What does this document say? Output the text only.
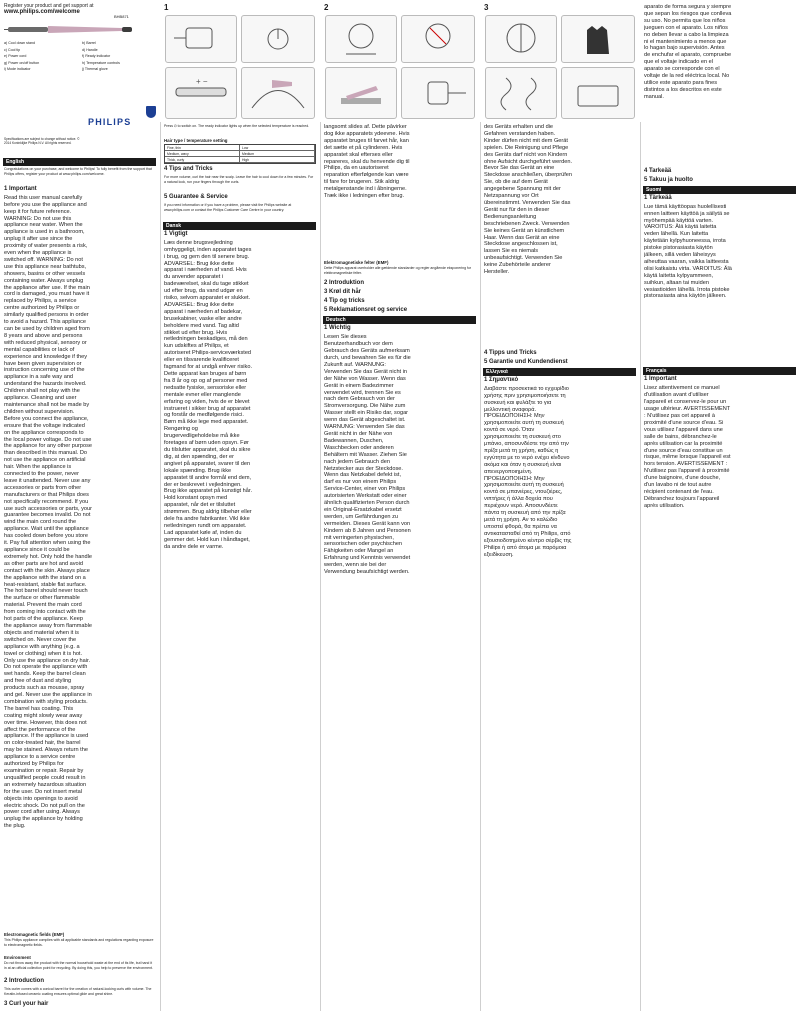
Register your product and get support at
www.philips.com/welcome
BHB871
a) Cool down stand	b) Barrel
c) Cool tip	d) Handle
e) Power cord	f) Ready indicator
g) Power on/off button	h) Temperature controls
i) Mode indicator	j) Thermal glove
PHILIPS
Specifications are subject to change without notice. © 2014 Koninklijke Philips N.V. All rights reserved.
English
Congratulations on your purchase, and welcome to Philips! To fully benefit from the support that Philips offers, register your product at www.philips.com/welcome.
1 Important
Read this user manual carefully before you use the appliance and keep it for future reference. WARNING: Do not use this appliance near water. When the appliance is used in a bathroom, unplug it after use since the proximity of water presents a risk, even when the appliance is switched off. WARNING: Do not use this appliance near bathtubs, showers, basins or other vessels containing water. Always unplug the appliance after use. If the main cord is damaged, you must have it replaced by Philips, a service centre authorized by Philips or similarly qualified persons in order to avoid a hazard. This appliance can be used by children aged from 8 years and above and persons with reduced physical, sensory or mental capabilities or lack of experience and knowledge if they have been given supervision or instruction concerning use of the appliance in a safe way and understand the hazards involved. Children shall not play with the appliance. Cleaning and user maintenance shall not be made by children without supervision. Before you connect the appliance, ensure that the voltage indicated on the appliance corresponds to the local power voltage. Do not use the appliance for any other purpose than described in this manual. Do not use the appliance on artificial hair. When the appliance is connected to the power, never leave it unattended. Never use any accessories or parts from other manufacturers or that Philips does not specifically recommend. If you use such accessories or parts, your guarantee becomes invalid. Do not wind the main cord round the appliance. Wait until the appliance has cooled down before you store it. Pay full attention when using the appliance since it could be extremely hot. Only hold the handle as other parts are hot and avoid contact with the skin. Always place the appliance with the stand on a heat-resistant, stable flat surface. The hot barrel should never touch the surface or other flammable material. Prevent the main cord from coming into contact with the hot parts of the appliance. Keep the appliance away from flammable objects and material when it is switched on. Never cover the appliance with anything (e.g. a towel or clothing) when it is hot. Only use the appliance on dry hair. Do not operate the appliance with wet hands. Keep the barrel clean and free of dust and styling products such as mousse, spray and gel. Never use the appliance in combination with styling products. The barrel has coating. This coating might slowly wear away over time. However, this does not affect the performance of the appliance. If the appliance is used on color-treated hair, the barrel may be stained. Always return the appliance to a service centre authorized by Philips for examination or repair. Repair by unqualified people could result in an extremely hazardous situation for the user. Do not insert metal objects into openings to avoid electric shock. Do not pull on the power cord after using. Always unplug the appliance by holding the plug.
Electromagnetic fields (EMF)
This Philips appliance complies with all applicable standards and regulations regarding exposure to electromagnetic fields.
Environment
Do not throw away the product with the normal household waste at the end of its life, but hand it in at an official collection point for recycling. By doing this, you help to preserve the environment.
2 Introduction
This curler comes with a conical barrel for the creation of natural-looking curls with volume. The Keratin-infused ceramic coating ensures optimal glide and great shine.
3 Curl your hair
1
+ −
Press ⏻ to switch on. The ready indicator lights up when the selected temperature is reached.
Hair type / temperature setting
Fine, thin	Low
Medium, wavy	Medium
Thick, curly	High
4 Tips and Tricks
For more volume, curl the hair near the scalp. Leave the hair to cool down for a few minutes. For a natural look, run your fingers through the curls.
5 Guarantee & Service
If you need information or if you have a problem, please visit the Philips website at www.philips.com or contact the Philips Customer Care Centre in your country.
Dansk
1 Vigtigt
Læs denne brugsvejledning omhyggeligt, inden apparatet tages i brug, og gem den til senere brug. ADVARSEL: Brug ikke dette apparat i nærheden af vand. Hvis du anvender apparatet i badeværelset, skal du tage stikket ud efter brug, da vand udgør en risiko, selvom apparatet er slukket. ADVARSEL: Brug ikke dette apparat i nærheden af badekar, brusekabiner, vaske eller andre beholdere med vand. Tag altid stikket ud efter brug. Hvis netledningen beskadiges, må den kun udskiftes af Philips, et autoriseret Philips-serviceværksted eller en tilsvarende kvalificeret fagmand for at undgå enhver risiko. Dette apparat kan bruges af børn fra 8 år og op og af personer med nedsatte fysiske, sensoriske eller mentale evner eller manglende erfaring og viden, hvis de er blevet instrueret i sikker brug af apparatet og forstår de medfølgende risici. Børn må ikke lege med apparatet. Rengøring og brugervedligeholdelse må ikke foretages af børn uden opsyn. Før du tilslutter apparatet, skal du sikre dig, at den spænding, der er angivet på apparatet, svarer til den lokale spænding. Brug ikke apparatet til andre formål end dem, der er beskrevet i vejledningen. Brug ikke apparatet på kunstigt hår. Hold konstant opsyn med apparatet, når det er tilsluttet strømmen. Brug aldrig tilbehør eller dele fra andre fabrikanter. Vikl ikke netledningen rundt om apparatet. Lad apparatet køle af, inden du gemmer det. Hold kun i håndtaget, da andre dele er varme.
2
langsomt slides af. Dette påvirker dog ikke apparatets ydeevne. Hvis apparatet bruges til farvet hår, kan det sætte et på cylinderen. Hvis apparatet skal efterses eller repareres, skal du henvende dig til Philips, da en uautoriseret reparation efterfølgende kan være til fare for brugeren. Stik aldrig metalgenstande ind i åbningerne. Træk ikke i ledningen efter brug.
Elektromagnetiske felter (EMF)
Dette Philips apparat overholder alle gældende standarder og regler angående eksponering for elektromagnetiske felter.
2 Introduktion
3 Krøl dit hår
4 Tip og tricks
5 Reklamationsret og service
Deutsch
1 Wichtig
Lesen Sie dieses Benutzerhandbuch vor dem Gebrauch des Geräts aufmerksam durch, und bewahren Sie es für die Zukunft auf. WARNUNG: Verwenden Sie das Gerät nicht in der Nähe von Wasser. Wenn das Gerät in einem Badezimmer verwendet wird, trennen Sie es nach dem Gebrauch von der Stromversorgung. Die Nähe zum Wasser stellt ein Risiko dar, sogar wenn das Gerät abgeschaltet ist. WARNUNG: Verwenden Sie das Gerät nicht in der Nähe von Badewannen, Duschen, Waschbecken oder anderen Behältern mit Wasser. Ziehen Sie nach jedem Gebrauch den Netzstecker aus der Steckdose. Wenn das Netzkabel defekt ist, darf es nur von einem Philips Service-Center, einer von Philips autorisierten Werkstatt oder einer ähnlich qualifizierten Person durch ein Original-Ersatzkabel ersetzt werden, um Gefährdungen zu vermeiden. Dieses Gerät kann von Kindern ab 8 Jahren und Personen mit verringerten physischen, sensorischen oder psychischen Fähigkeiten oder Mangel an Erfahrung und Kenntnis verwendet werden, wenn sie bei der Verwendung beaufsichtigt werden.
3
des Geräts erhalten und die Gefahren verstanden haben. Kinder dürfen nicht mit dem Gerät spielen. Die Reinigung und Pflege des Geräts darf nicht von Kindern ohne Aufsicht durchgeführt werden. Bevor Sie das Gerät an eine Steckdose anschließen, überprüfen Sie, ob die auf dem Gerät angegebene Spannung mit der Netzspannung vor Ort übereinstimmt. Verwenden Sie das Gerät nur für den in dieser Bedienungsanleitung beschriebenen Zweck. Verwenden Sie keines Gerät an künstlichem Haar. Wenn das Gerät an eine Steckdose angeschlossen ist, lassen Sie es niemals unbeaufsichtigt. Verwenden Sie keine Zubehörteile anderer Hersteller.
4 Tipps und Tricks
5 Garantie und Kundendienst
Ελληνικά
1 Σημαντικό
Διαβάστε προσεκτικά το εγχειρίδιο χρήσης πριν χρησιμοποιήσετε τη συσκευή και φυλάξτε το για μελλοντική αναφορά. ΠΡΟΕΙΔΟΠΟΙΗΣΗ: Μην χρησιμοποιείτε αυτή τη συσκευή κοντά σε νερό. Όταν χρησιμοποιείτε τη συσκευή στο μπάνιο, αποσυνδέστε την από την πρίζα μετά τη χρήση, καθώς η εγγύτητα με το νερό ενέχει κίνδυνο ακόμα και όταν η συσκευή είναι απενεργοποιημένη. ΠΡΟΕΙΔΟΠΟΙΗΣΗ: Μην χρησιμοποιείτε αυτή τη συσκευή κοντά σε μπανιέρες, ντουζιέρες, νιπτήρες ή άλλα δοχεία που περιέχουν νερό. Αποσυνδέετε πάντα τη συσκευή από την πρίζα μετά τη χρήση. Αν το καλώδιο υποστεί φθορά, θα πρέπει να αντικατασταθεί από τη Philips, από εξουσιοδοτημένο κέντρο σέρβις της Philips ή από άτομα με παρόμοια εξειδίκευση.
aparato de forma segura y siempre que sepan los riesgos que conlleva su uso. No permita que los niños jueguen con el aparato. Los niños no deben llevar a cabo la limpieza ni el mantenimiento a menos que lo hagan bajo supervisión. Antes de enchufar el aparato, compruebe que el voltaje indicado en el aparato se corresponde con el voltaje de la red eléctrica local. No utilice este aparato para fines distintos a los descritos en este manual.
4 Tarkeää
5 Takuu ja huolto
Suomi
1 Tärkeää
Lue tämä käyttöopas huolellisesti ennen laitteen käyttöä ja säilytä se myöhempää käyttöä varten. VAROITUS: Älä käytä laitetta veden lähellä. Kun laitetta käytetään kylpyhuoneessa, irrota pistoke pistorasiasta käytön jälkeen, sillä veden läheisyys aiheuttaa vaaran, vaikka laitteesta olisi katkaistu virta. VAROITUS: Älä käytä laitetta kylpyammeen, suihkun, altaan tai muiden vesiastioiden lähellä. Irrota pistoke pistorasiasta aina käytön jälkeen.
Français
1 Important
Lisez attentivement ce manuel d'utilisation avant d'utiliser l'appareil et conservez-le pour un usage ultérieur. AVERTISSEMENT : N'utilisez pas cet appareil à proximité d'une source d'eau. Si vous utilisez l'appareil dans une salle de bains, débranchez-le après utilisation car la proximité d'une source d'eau constitue un risque, même lorsque l'appareil est hors tension. AVERTISSEMENT : N'utilisez pas l'appareil à proximité d'une baignoire, d'une douche, d'un lavabo ni de tout autre récipient contenant de l'eau. Débranchez toujours l'appareil après utilisation.
